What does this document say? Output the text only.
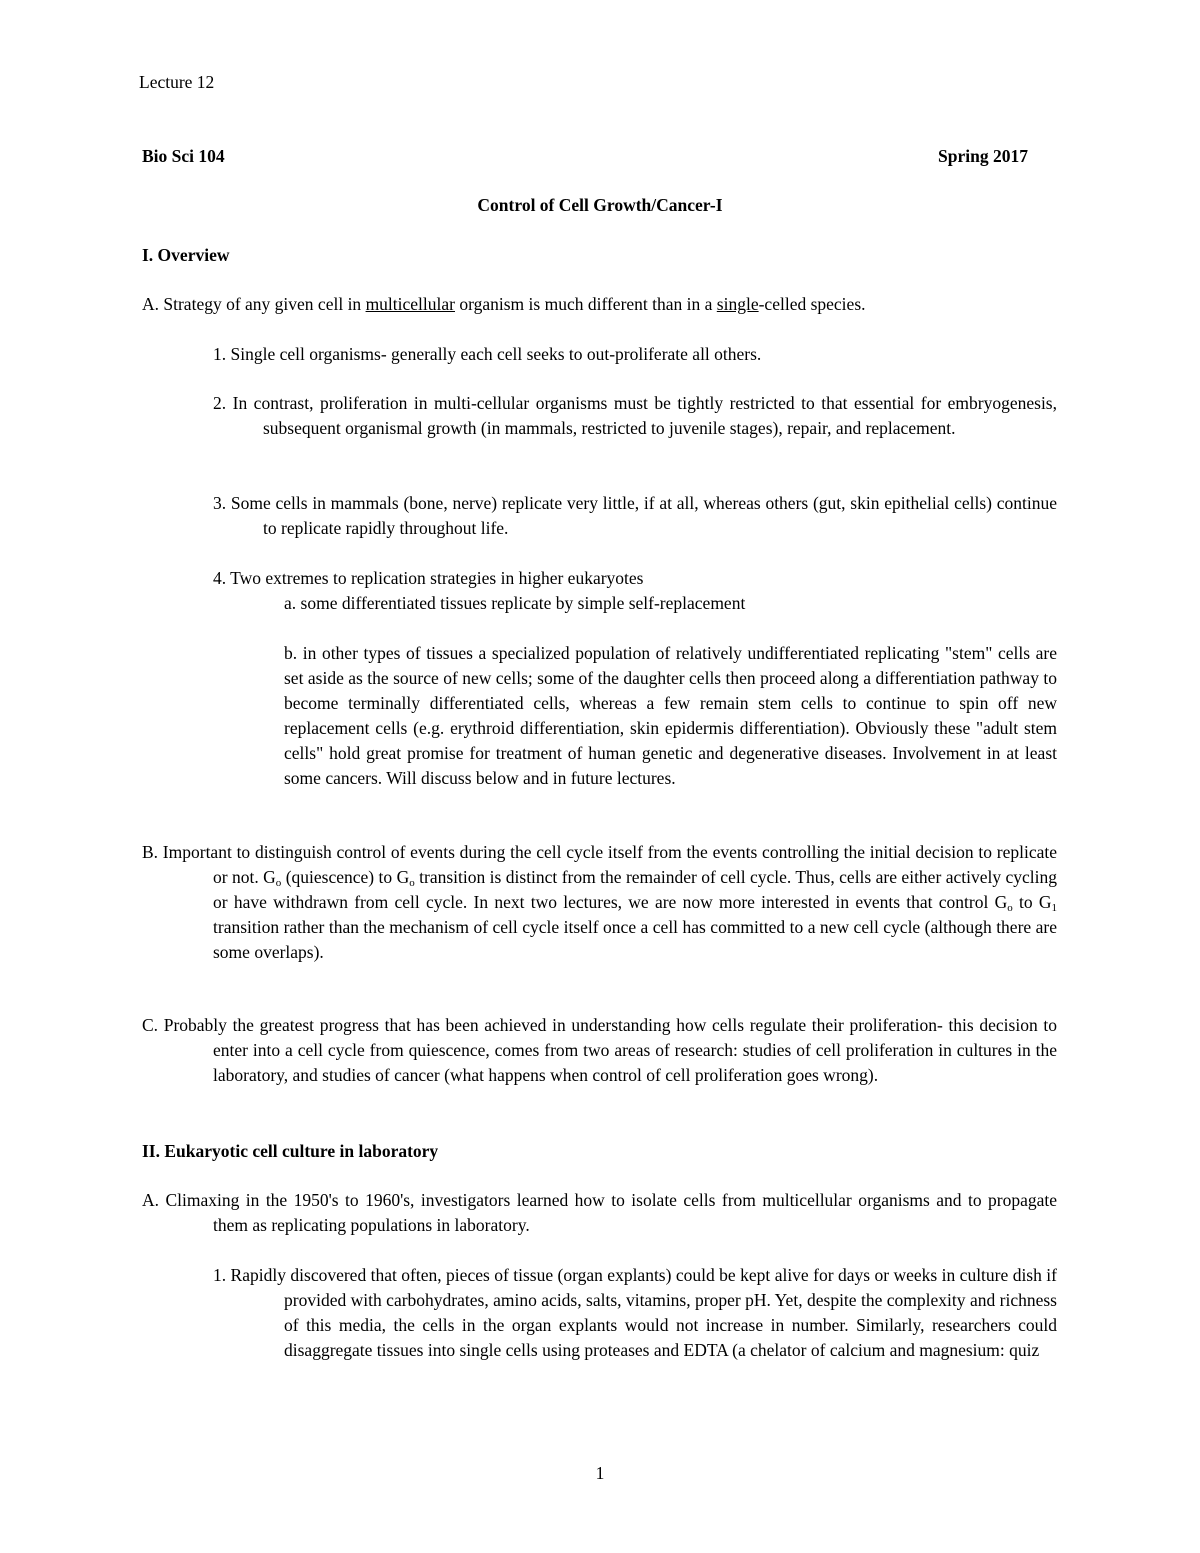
Lecture 12
Bio Sci 104	Spring 2017
Control of Cell Growth/Cancer-I
I. Overview
A. Strategy of any given cell in multicellular organism is much different than in a single-celled species.
1. Single cell organisms- generally each cell seeks to out-proliferate all others.
2. In contrast, proliferation in multi-cellular organisms must be tightly restricted to that essential for embryogenesis, subsequent organismal growth (in mammals, restricted to juvenile stages), repair, and replacement.
3. Some cells in mammals (bone, nerve) replicate very little, if at all, whereas others (gut, skin epithelial cells) continue to replicate rapidly throughout life.
4. Two extremes to replication strategies in higher eukaryotes
a. some differentiated tissues replicate by simple self-replacement
b. in other types of tissues a specialized population of relatively undifferentiated replicating "stem" cells are set aside as the source of new cells; some of the daughter cells then proceed along a differentiation pathway to become terminally differentiated cells, whereas a few remain stem cells to continue to spin off new replacement cells (e.g. erythroid differentiation, skin epidermis differentiation). Obviously these "adult stem cells" hold great promise for treatment of human genetic and degenerative diseases. Involvement in at least some cancers. Will discuss below and in future lectures.
B. Important to distinguish control of events during the cell cycle itself from the events controlling the initial decision to replicate or not. $G_o$ (quiescence) to $G_o$ transition is distinct from the remainder of cell cycle. Thus, cells are either actively cycling or have withdrawn from cell cycle. In next two lectures, we are now more interested in events that control $G_o$ to $G_1$ transition rather than the mechanism of cell cycle itself once a cell has committed to a new cell cycle (although there are some overlaps).
C. Probably the greatest progress that has been achieved in understanding how cells regulate their proliferation- this decision to enter into a cell cycle from quiescence, comes from two areas of research: studies of cell proliferation in cultures in the laboratory, and studies of cancer (what happens when control of cell proliferation goes wrong).
II. Eukaryotic cell culture in laboratory
A. Climaxing in the 1950's to 1960's, investigators learned how to isolate cells from multicellular organisms and to propagate them as replicating populations in laboratory.
1. Rapidly discovered that often, pieces of tissue (organ explants) could be kept alive for days or weeks in culture dish if provided with carbohydrates, amino acids, salts, vitamins, proper pH. Yet, despite the complexity and richness of this media, the cells in the organ explants would not increase in number. Similarly, researchers could disaggregate tissues into single cells using proteases and EDTA (a chelator of calcium and magnesium: quiz
1
